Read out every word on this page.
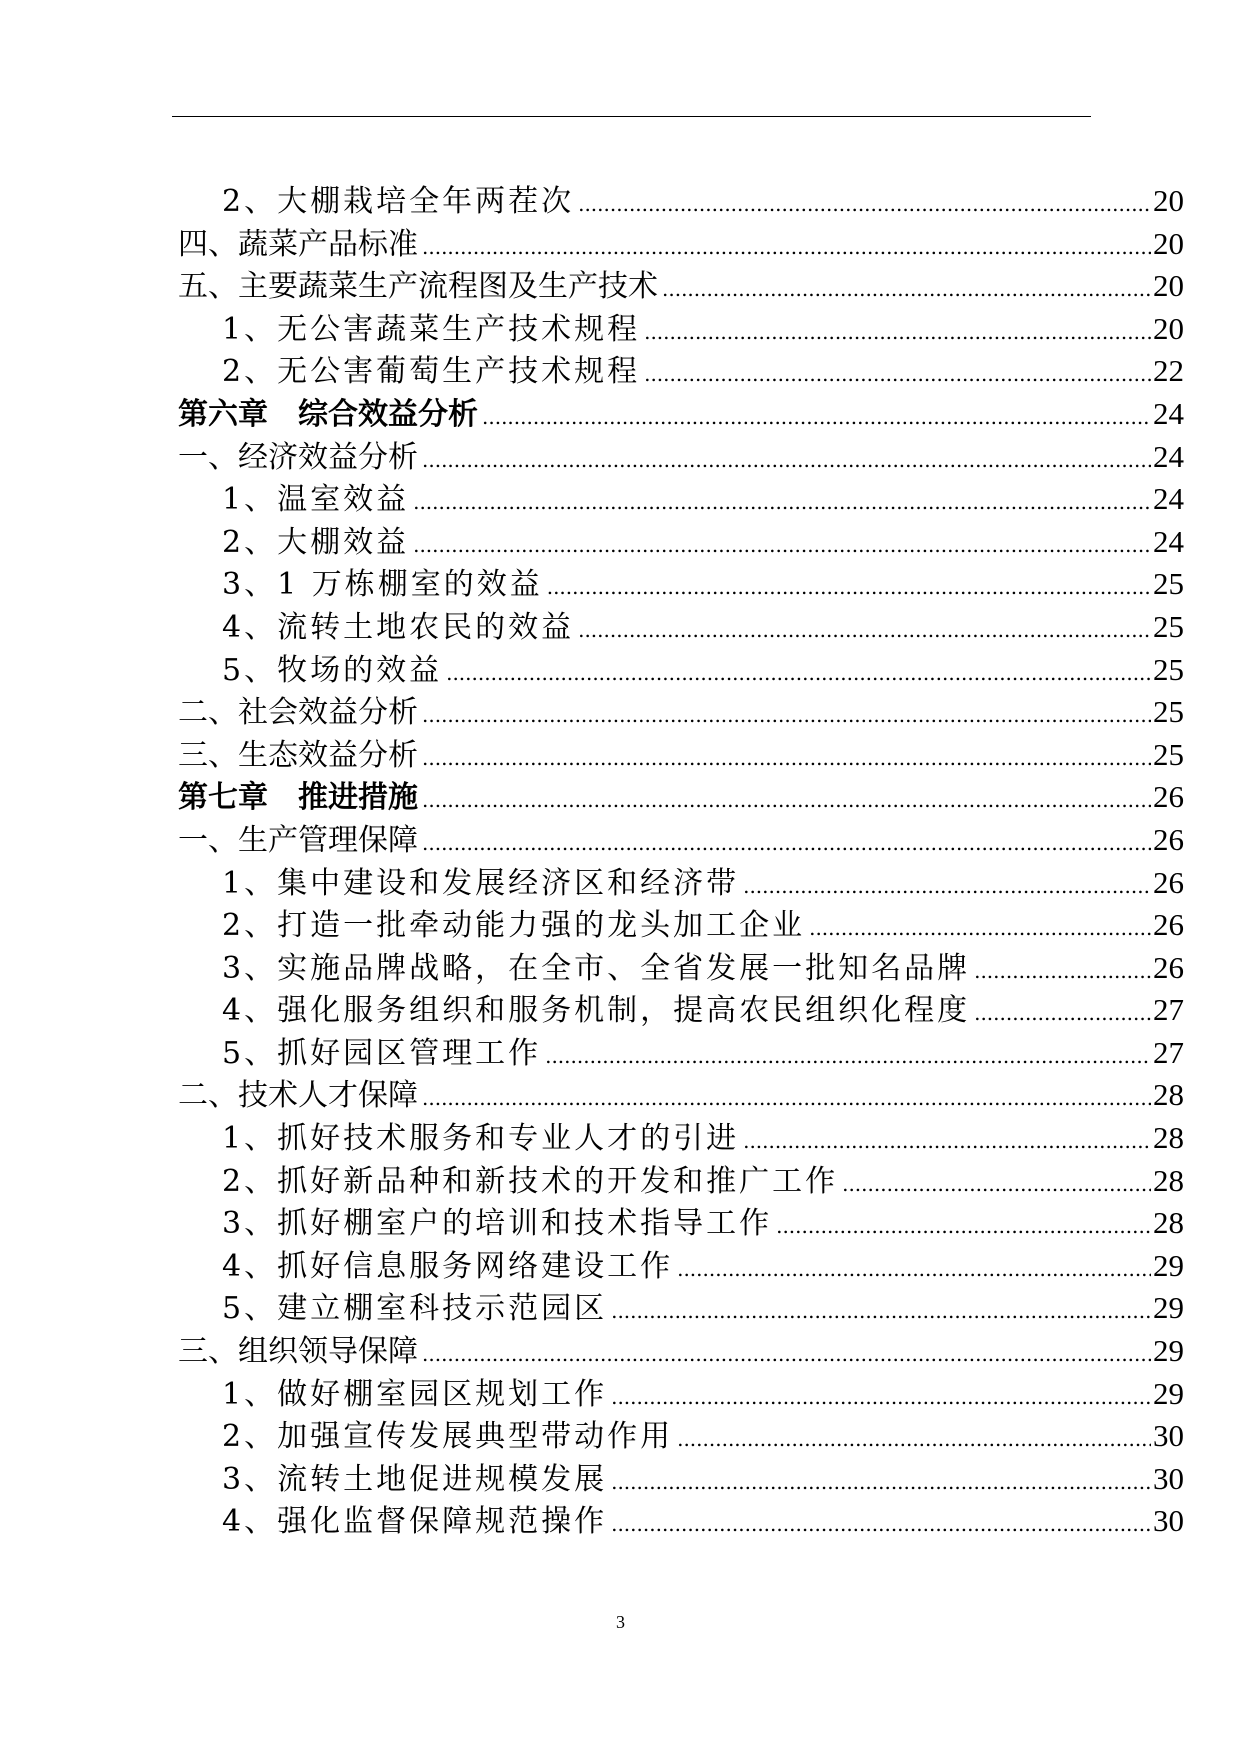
2、大棚栽培全年两茬次 .....	20
四、蔬菜产品标准 .....	20
五、主要蔬菜生产流程图及生产技术 .....	20
1、无公害蔬菜生产技术规程 .....	20
2、无公害葡萄生产技术规程 .....	22
第六章　综合效益分析 .....	24
一、经济效益分析 .....	24
1、温室效益 .....	24
2、大棚效益 .....	24
3、1 万栋棚室的效益 .....	25
4、流转土地农民的效益 .....	25
5、牧场的效益 .....	25
二、社会效益分析 .....	25
三、生态效益分析 .....	25
第七章　推进措施 .....	26
一、生产管理保障 .....	26
1、集中建设和发展经济区和经济带 .....	26
2、打造一批牵动能力强的龙头加工企业 .....	26
3、实施品牌战略，在全市、全省发展一批知名品牌 .....	26
4、强化服务组织和服务机制，提高农民组织化程度 .....	27
5、抓好园区管理工作 .....	27
二、技术人才保障 .....	28
1、抓好技术服务和专业人才的引进 .....	28
2、抓好新品种和新技术的开发和推广工作 .....	28
3、抓好棚室户的培训和技术指导工作 .....	28
4、抓好信息服务网络建设工作 .....	29
5、建立棚室科技示范园区 .....	29
三、组织领导保障 .....	29
1、做好棚室园区规划工作 .....	29
2、加强宣传发展典型带动作用 .....	30
3、流转土地促进规模发展 .....	30
4、强化监督保障规范操作 .....	30
3
